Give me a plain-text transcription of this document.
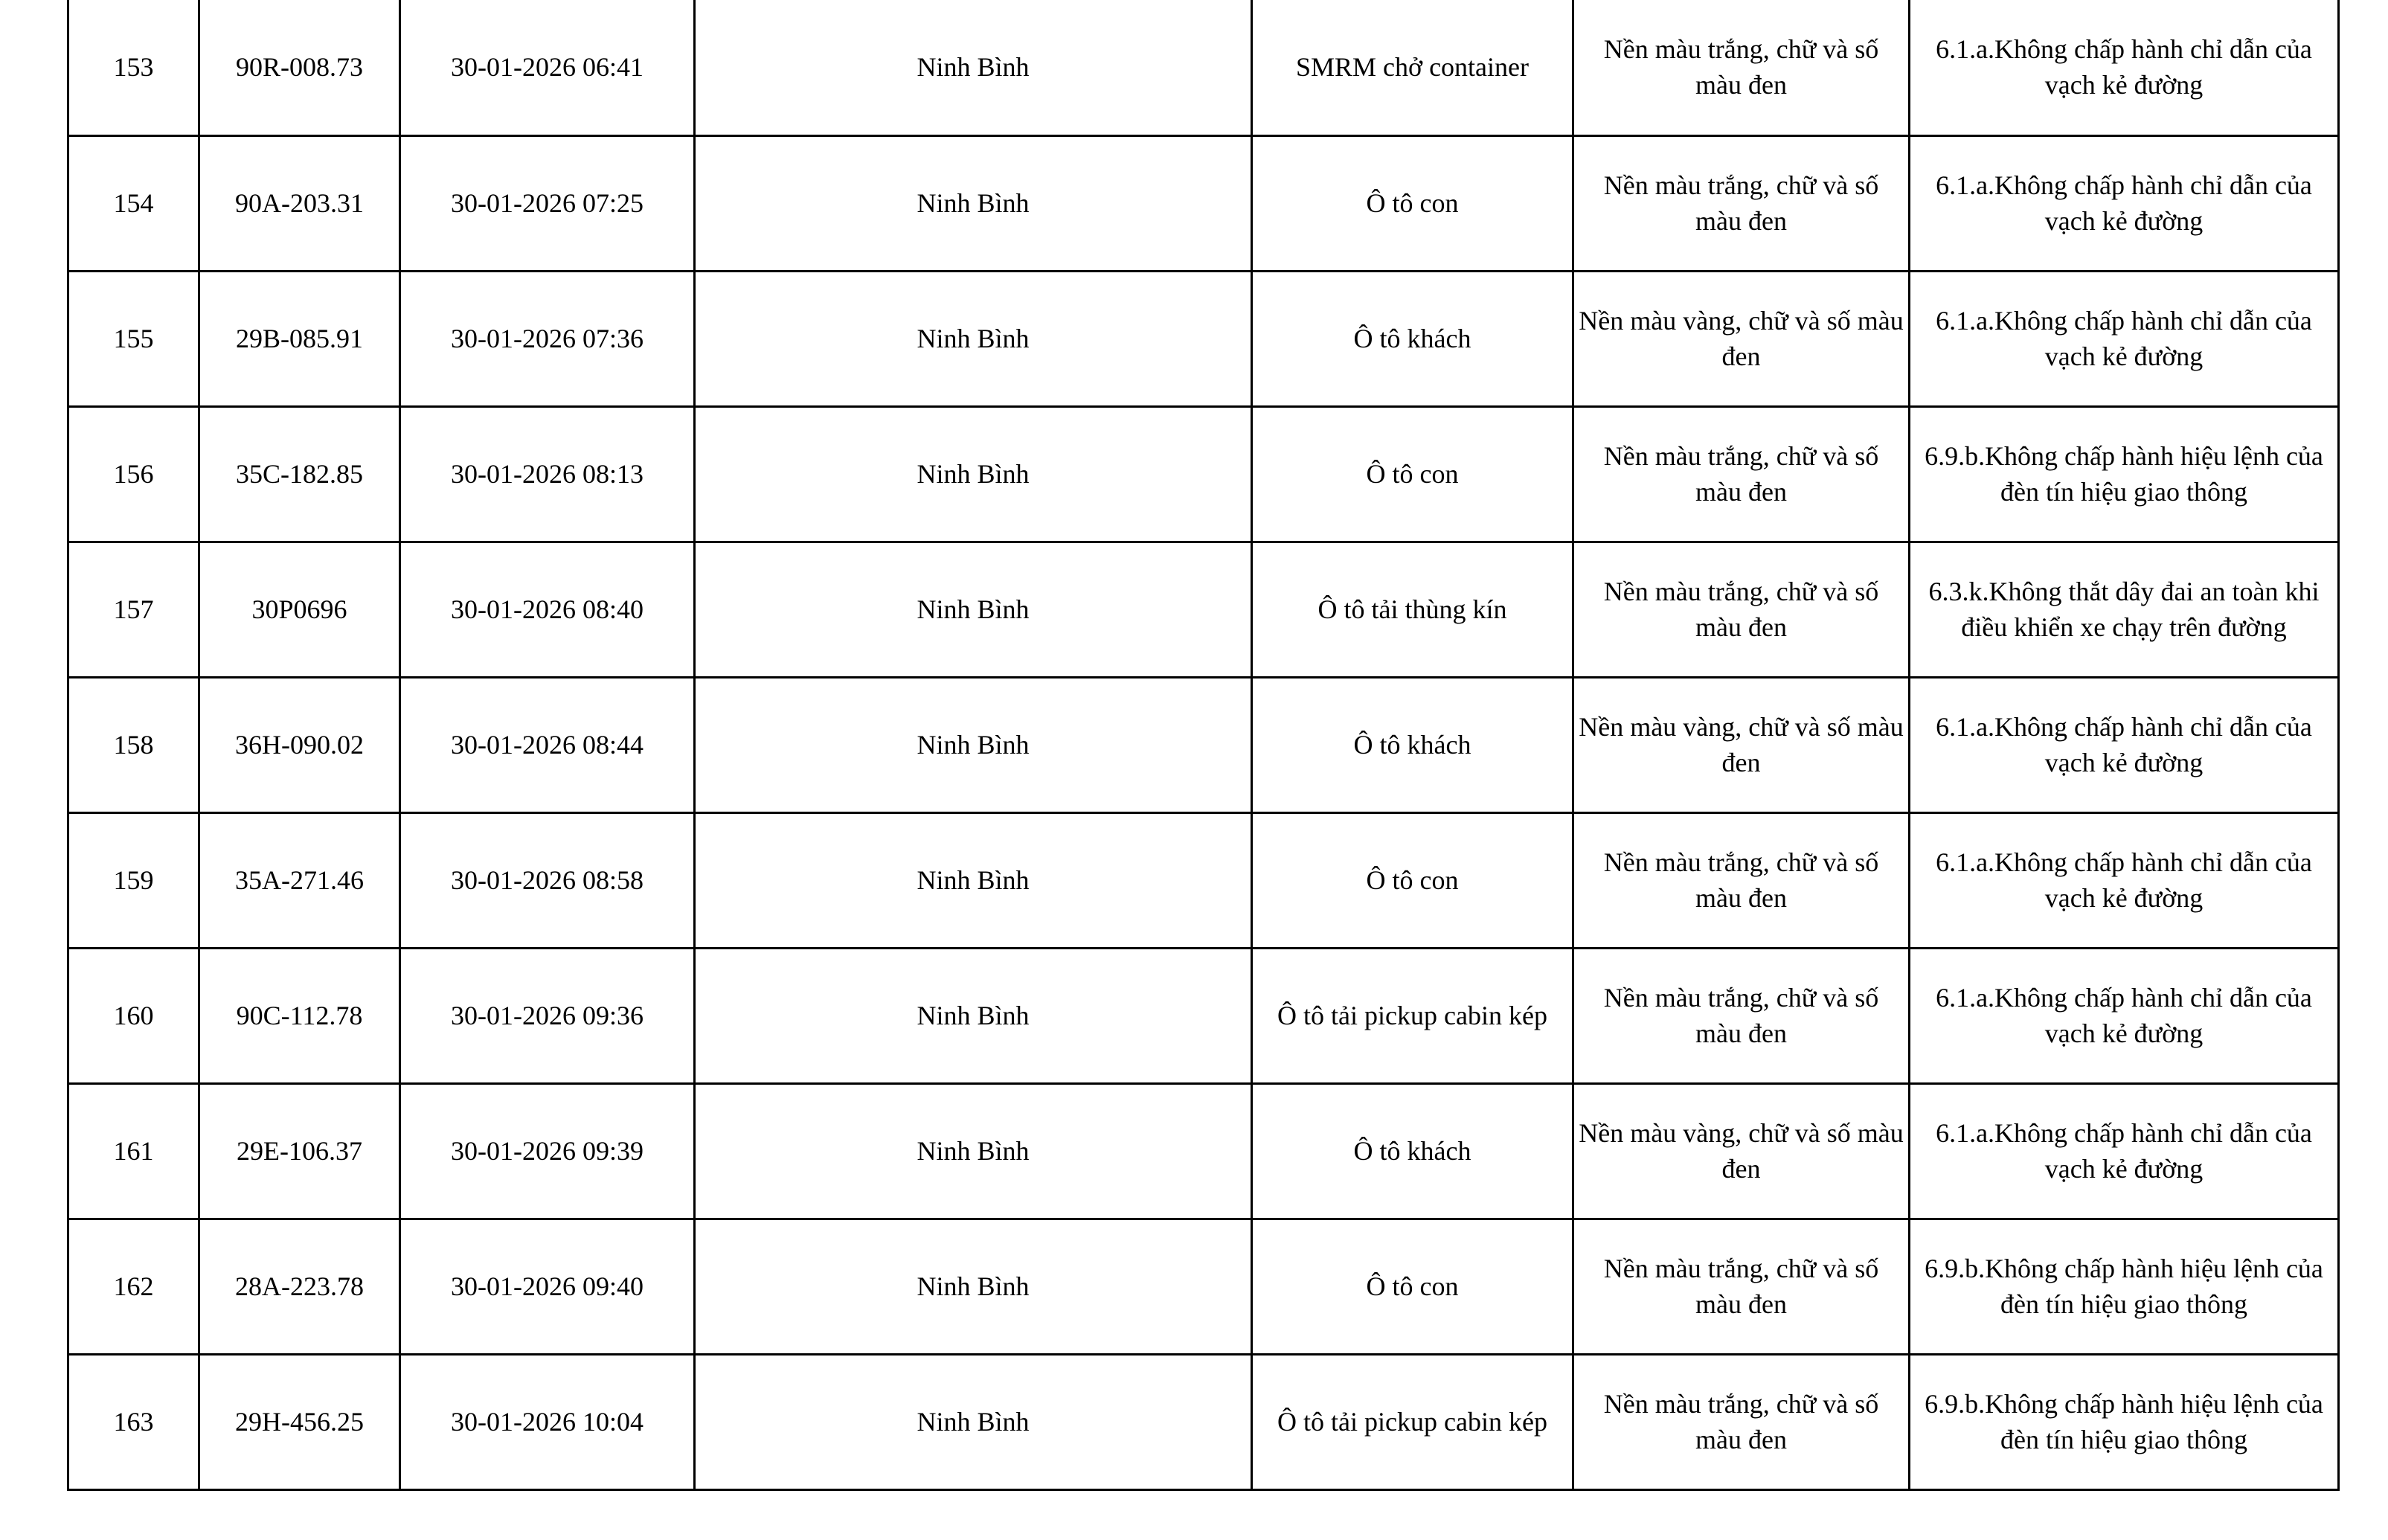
153	90R-008.73	30-01-2026 06:41	Ninh Bình	SMRM chở container	Nền màu trắng, chữ và số màu đen	6.1.a.Không chấp hành chỉ dẫn của vạch kẻ đường
154	90A-203.31	30-01-2026 07:25	Ninh Bình	Ô tô con	Nền màu trắng, chữ và số màu đen	6.1.a.Không chấp hành chỉ dẫn của vạch kẻ đường
155	29B-085.91	30-01-2026 07:36	Ninh Bình	Ô tô khách	Nền màu vàng, chữ và số màu đen	6.1.a.Không chấp hành chỉ dẫn của vạch kẻ đường
156	35C-182.85	30-01-2026 08:13	Ninh Bình	Ô tô con	Nền màu trắng, chữ và số màu đen	6.9.b.Không chấp hành hiệu lệnh của đèn tín hiệu giao thông
157	30P0696	30-01-2026 08:40	Ninh Bình	Ô tô tải thùng kín	Nền màu trắng, chữ và số màu đen	6.3.k.Không thắt dây đai an toàn khi điều khiển xe chạy trên đường
158	36H-090.02	30-01-2026 08:44	Ninh Bình	Ô tô khách	Nền màu vàng, chữ và số màu đen	6.1.a.Không chấp hành chỉ dẫn của vạch kẻ đường
159	35A-271.46	30-01-2026 08:58	Ninh Bình	Ô tô con	Nền màu trắng, chữ và số màu đen	6.1.a.Không chấp hành chỉ dẫn của vạch kẻ đường
160	90C-112.78	30-01-2026 09:36	Ninh Bình	Ô tô tải pickup cabin kép	Nền màu trắng, chữ và số màu đen	6.1.a.Không chấp hành chỉ dẫn của vạch kẻ đường
161	29E-106.37	30-01-2026 09:39	Ninh Bình	Ô tô khách	Nền màu vàng, chữ và số màu đen	6.1.a.Không chấp hành chỉ dẫn của vạch kẻ đường
162	28A-223.78	30-01-2026 09:40	Ninh Bình	Ô tô con	Nền màu trắng, chữ và số màu đen	6.9.b.Không chấp hành hiệu lệnh của đèn tín hiệu giao thông
163	29H-456.25	30-01-2026 10:04	Ninh Bình	Ô tô tải pickup cabin kép	Nền màu trắng, chữ và số màu đen	6.9.b.Không chấp hành hiệu lệnh của đèn tín hiệu giao thông
